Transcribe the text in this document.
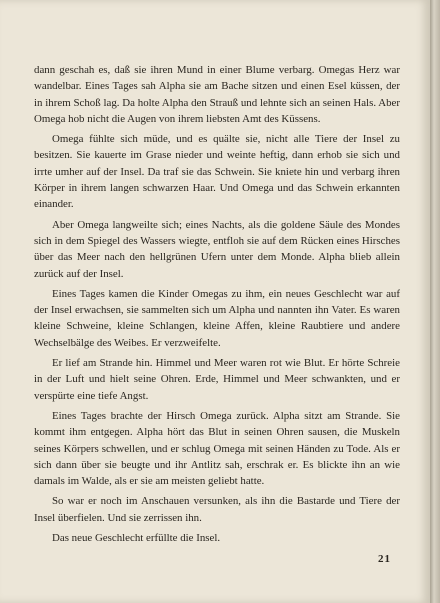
dann geschah es, daß sie ihren Mund in einer Blume verbarg. Omegas Herz war wandelbar. Eines Tages sah Alpha sie am Bache sitzen und einen Esel küssen, der in ihrem Schoß lag. Da holte Alpha den Strauß und lehnte sich an seinen Hals. Aber Omega hob nicht die Augen von ihrem liebsten Amt des Küssens.

Omega fühlte sich müde, und es quälte sie, nicht alle Tiere der Insel zu besitzen. Sie kauerte im Grase nieder und weinte heftig, dann erhob sie sich und irrte umher auf der Insel. Da traf sie das Schwein. Sie kniete hin und verbarg ihren Körper in ihrem langen schwarzen Haar. Und Omega und das Schwein erkannten einander.

Aber Omega langweilte sich; eines Nachts, als die goldene Säule des Mondes sich in dem Spiegel des Wassers wiegte, entfloh sie auf dem Rücken eines Hirsches über das Meer nach den hellgrünen Ufern unter dem Monde. Alpha blieb allein zurück auf der Insel.

Eines Tages kamen die Kinder Omegas zu ihm, ein neues Geschlecht war auf der Insel erwachsen, sie sammelten sich um Alpha und nannten ihn Vater. Es waren kleine Schweine, kleine Schlangen, kleine Affen, kleine Raubtiere und andere Wechselbälge des Weibes. Er verzweifelte.

Er lief am Strande hin. Himmel und Meer waren rot wie Blut. Er hörte Schreie in der Luft und hielt seine Ohren. Erde, Himmel und Meer schwankten, und er verspürte eine tiefe Angst.

Eines Tages brachte der Hirsch Omega zurück. Alpha sitzt am Strande. Sie kommt ihm entgegen. Alpha hört das Blut in seinen Ohren sausen, die Muskeln seines Körpers schwellen, und er schlug Omega mit seinen Händen zu Tode. Als er sich dann über sie beugte und ihr Antlitz sah, erschrak er. Es blickte ihn an wie damals im Walde, als er sie am meisten geliebt hatte.

So war er noch im Anschauen versunken, als ihn die Bastarde und Tiere der Insel überfielen. Und sie zerrissen ihn.

Das neue Geschlecht erfüllte die Insel.

21
